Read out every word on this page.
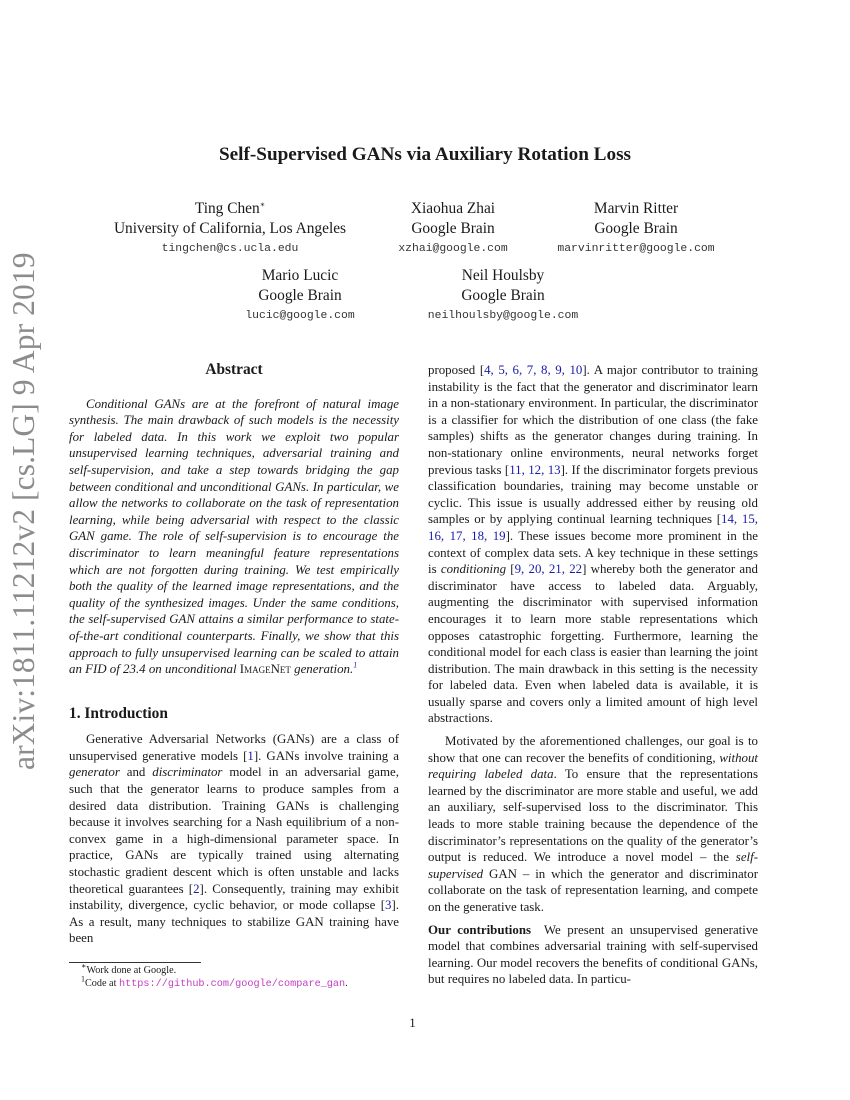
arXiv:1811.11212v2 [cs.LG] 9 Apr 2019
Self-Supervised GANs via Auxiliary Rotation Loss
Ting Chen∗
University of California, Los Angeles
tingchen@cs.ucla.edu
Xiaohua Zhai
Google Brain
xzhai@google.com
Marvin Ritter
Google Brain
marvinritter@google.com
Mario Lucic
Google Brain
lucic@google.com
Neil Houlsby
Google Brain
neilhoulsby@google.com
Abstract

Conditional GANs are at the forefront of natural image synthesis. The main drawback of such models is the necessity for labeled data. In this work we exploit two popular unsupervised learning techniques, adversarial training and self-supervision, and take a step towards bridging the gap between conditional and unconditional GANs. In particular, we allow the networks to collaborate on the task of representation learning, while being adversarial with respect to the classic GAN game. The role of self-supervision is to encourage the discriminator to learn meaningful feature representations which are not forgotten during training. We test empirically both the quality of the learned image representations, and the quality of the synthesized images. Under the same conditions, the self-supervised GAN attains a similar performance to state-of-the-art conditional counterparts. Finally, we show that this approach to fully unsupervised learning can be scaled to attain an FID of 23.4 on unconditional ImageNet generation.$^1$

1. Introduction

Generative Adversarial Networks (GANs) are a class of unsupervised generative models [1]. GANs involve training a generator and discriminator model in an adversarial game, such that the generator learns to produce samples from a desired data distribution. Training GANs is challenging because it involves searching for a Nash equilibrium of a non-convex game in a high-dimensional parameter space. In practice, GANs are typically trained using alternating stochastic gradient descent which is often unstable and lacks theoretical guarantees [2]. Consequently, training may exhibit instability, divergence, cyclic behavior, or mode collapse [3]. As a result, many techniques to stabilize GAN training have been

∗Work done at Google.
$^1$Code at https://github.com/google/compare_gan.

proposed [4, 5, 6, 7, 8, 9, 10]. A major contributor to training instability is the fact that the generator and discriminator learn in a non-stationary environment. In particular, the discriminator is a classifier for which the distribution of one class (the fake samples) shifts as the generator changes during training. In non-stationary online environments, neural networks forget previous tasks [11, 12, 13]. If the discriminator forgets previous classification boundaries, training may become unstable or cyclic. This issue is usually addressed either by reusing old samples or by applying continual learning techniques [14, 15, 16, 17, 18, 19]. These issues become more prominent in the context of complex data sets. A key technique in these settings is conditioning [9, 20, 21, 22] whereby both the generator and discriminator have access to labeled data. Arguably, augmenting the discriminator with supervised information encourages it to learn more stable representations which opposes catastrophic forgetting. Furthermore, learning the conditional model for each class is easier than learning the joint distribution. The main drawback in this setting is the necessity for labeled data. Even when labeled data is available, it is usually sparse and covers only a limited amount of high level abstractions.

Motivated by the aforementioned challenges, our goal is to show that one can recover the benefits of conditioning, without requiring labeled data. To ensure that the representations learned by the discriminator are more stable and useful, we add an auxiliary, self-supervised loss to the discriminator. This leads to more stable training because the dependence of the discriminator’s representations on the quality of the generator’s output is reduced. We introduce a novel model – the self-supervised GAN – in which the generator and discriminator collaborate on the task of representation learning, and compete on the generative task.

Our contributions  We present an unsupervised generative model that combines adversarial training with self-supervised learning. Our model recovers the benefits of conditional GANs, but requires no labeled data. In particu-

1
